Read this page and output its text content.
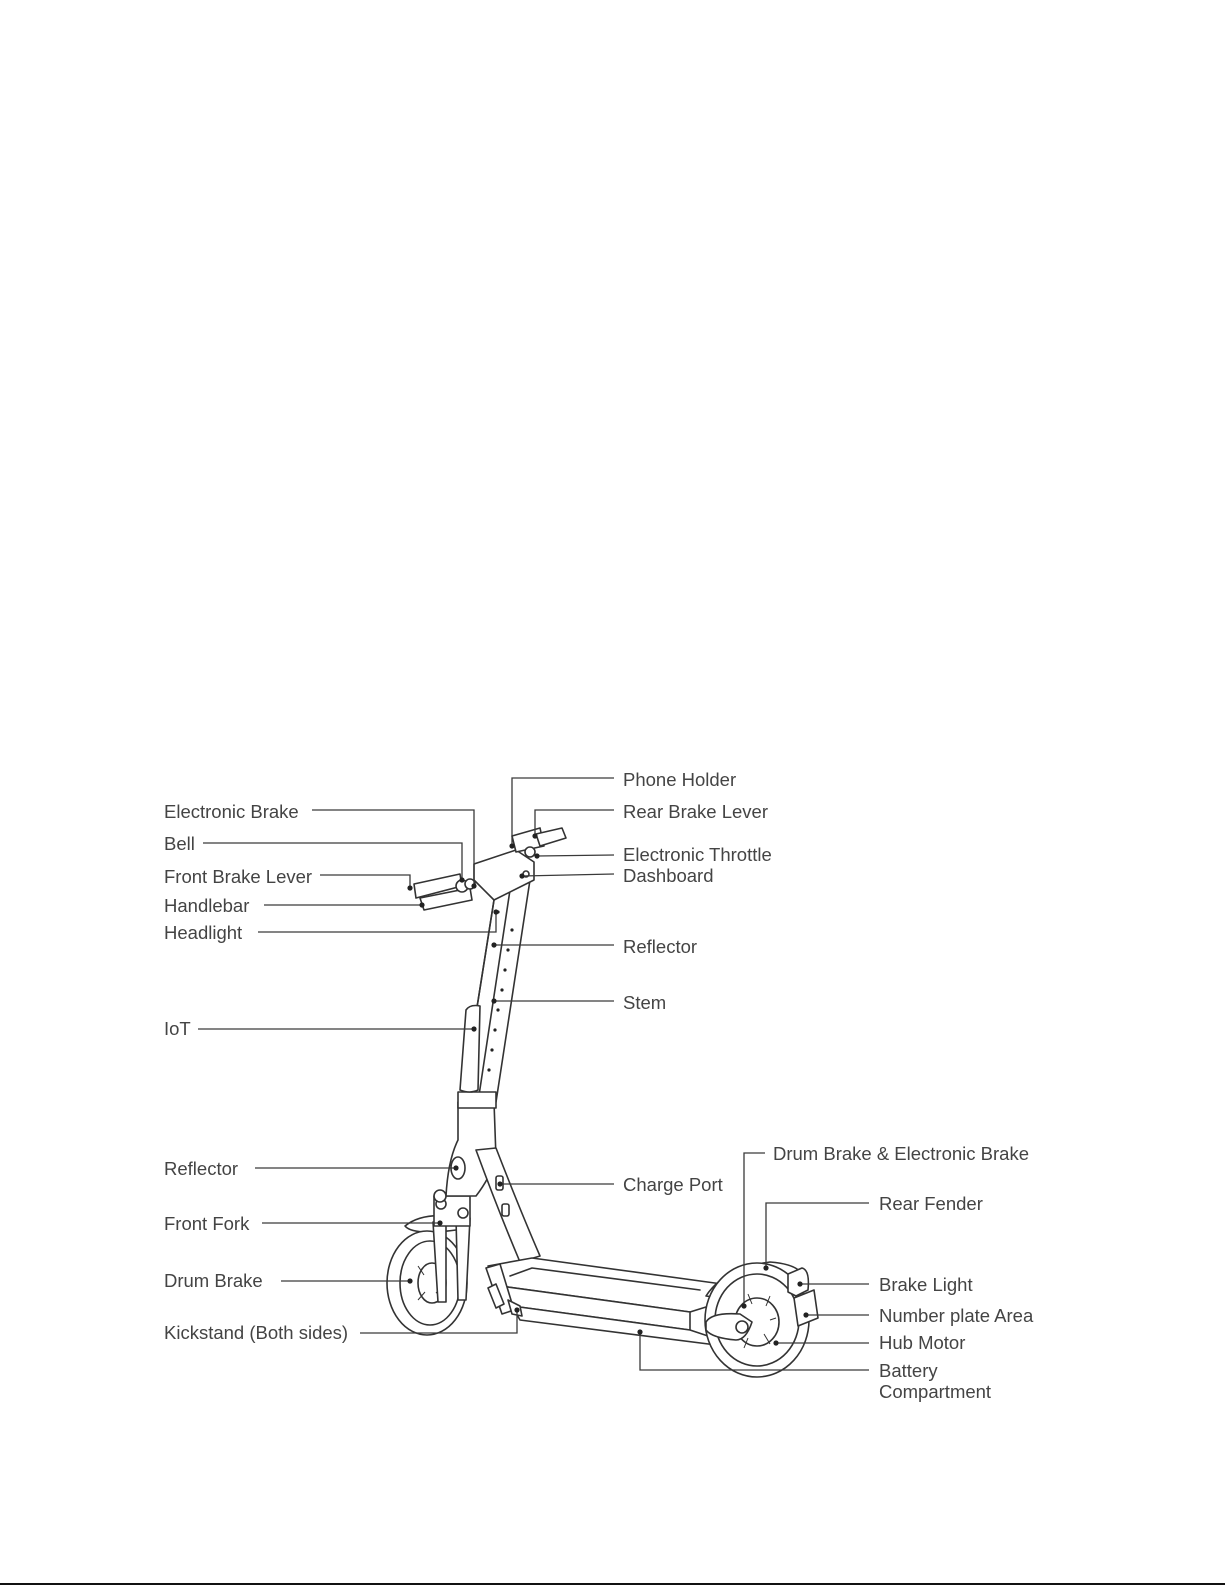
Phone Holder
Electronic Brake	Rear Brake Lever
Bell
Electronic Throttle
Front Brake Lever	Dashboard
Handlebar
Headlight
Reflector
Stem
IoT
Drum Brake & Electronic Brake
Reflector
Charge Port
Rear Fender
Front Fork
Drum Brake	Brake Light
Number plate Area
Kickstand (Both sides)	Hub Motor
Battery
Compartment
